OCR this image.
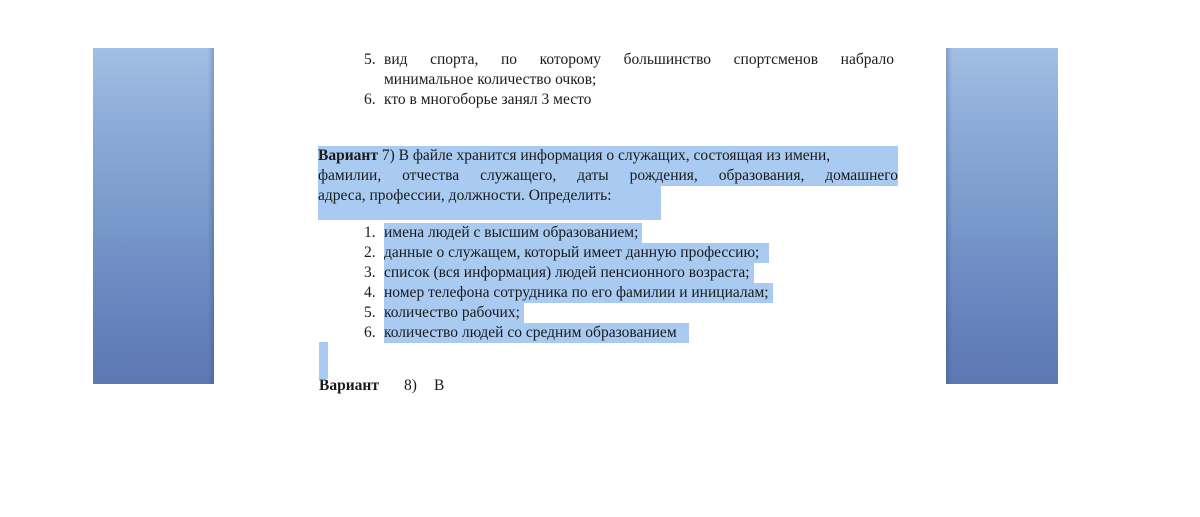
5. вид спорта, по которому большинство спортсменов набрало
минимальное количество очков;
6. кто в многоборье занял 3 место
Вариант 7) В файле хранится информация о служащих, состоящая из имени,
фамилии, отчества служащего, даты рождения, образования, домашнего
адреса, профессии, должности. Определить:
1. имена людей с высшим образованием;
2. данные о служащем, который имеет данную профессию;
3. список (вся информация) людей пенсионного возраста;
4. номер телефона сотрудника по его фамилии и инициалам;
5. количество рабочих;
6. количество людей со средним образованием
Вариант 8) В
